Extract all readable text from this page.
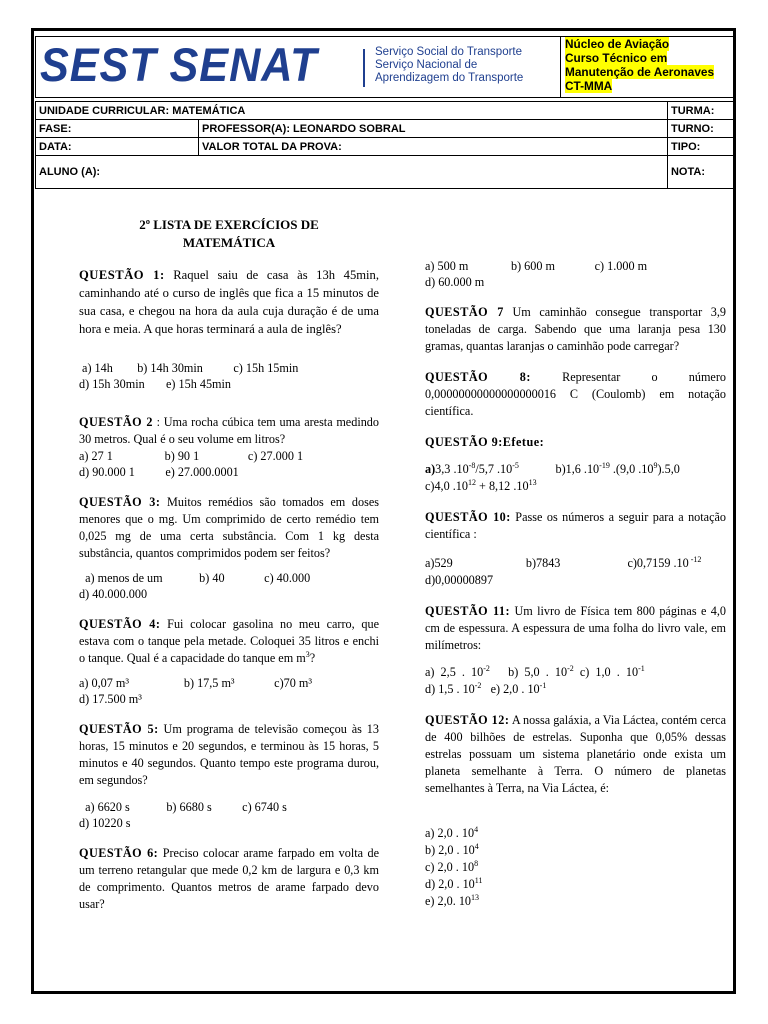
SEST SENAT	Serviço Social do Transporte
Serviço Nacional de
Aprendizagem do Transporte
Núcleo de Aviação
Curso Técnico em
Manutenção de Aeronaves
CT-MMA
UNIDADE CURRICULAR: MATEMÁTICA		TURMA:
FASE:	PROFESSOR(A): LEONARDO SOBRAL	TURNO:
DATA:	VALOR TOTAL DA PROVA:	TIPO:
ALUNO (A):		NOTA:

2º LISTA DE EXERCÍCIOS DE
MATEMÁTICA

QUESTÃO 1: Raquel saiu de casa às 13h 45min, caminhando até o curso de inglês que fica a 15 minutos de sua casa, e chegou na hora da aula cuja duração é de uma hora e meia. A que horas terminará a aula de inglês?

a) 14h        b) 14h 30min          c) 15h 15min
d) 15h 30min       e) 15h 45min

QUESTÃO 2 : Uma rocha cúbica tem uma aresta medindo 30 metros. Qual é o seu volume em litros?

a) 27 1                 b) 90 1                c) 27.000 1
d) 90.000 1          e) 27.000.0001

QUESTÃO 3: Muitos remédios são tomados em doses menores que o mg. Um comprimido de certo remédio tem 0,025 mg de uma certa substância. Com 1 kg desta substância, quantos comprimidos podem ser feitos?

a) menos de um            b) 40             c) 40.000
d) 40.000.000

QUESTÃO 4: Fui colocar gasolina no meu carro, que estava com o tanque pela metade. Coloquei 35 litros e enchi o tanque. Qual é a capacidade do tanque em $m^3$?

a) 0,07 m³                  b) 17,5 m³             c)70 m³
d) 17.500 m³

QUESTÃO 5: Um programa de televisão começou às 13 horas, 15 minutos e 20 segundos, e terminou às 15 horas, 5 minutos e 40 segundos. Quanto tempo este programa durou, em segundos?

a) 6620 s            b) 6680 s          c) 6740 s
d) 10220 s

QUESTÃO 6: Preciso colocar arame farpado em volta de um terreno retangular que mede 0,2 km de largura e 0,3 km de comprimento. Quantos metros de arame farpado devo usar?

a) 500 m              b) 600 m             c) 1.000 m
d) 60.000 m

QUESTÃO 7 Um caminhão consegue transportar 3,9 toneladas de carga. Sabendo que uma laranja pesa 130 gramas, quantas laranjas o caminhão pode carregar?

QUESTÃO 8: Representar o número 0,00000000000000000016 C (Coulomb) em notação científica.

QUESTÃO 9:Efetue:

a)3,3 $.10^{-8}/5,7$ $.10^{-5}$	b)1,6 $.10^{-19}$ .(9,0 $.10^9).5,0$
c)4,0 $.10^{12} + 8,12$ $.10^{13}$

QUESTÃO 10: Passe os números a seguir para a notação científica :

a)529	b)7843	c)0,7159 .10 $^{-12}$
d)0,00000897

QUESTÃO 11: Um livro de Física tem 800 páginas e 4,0 cm de espessura. A espessura de uma folha do livro vale, em milímetros:

a)  2,5  .  $10^{-2}$      b)  5,0  .  $10^{-2}$  c)  1,0  .  $10^{-1}$
d) 1,5 . $10^{-2}$   e) 2,0 . $10^{-1}$

QUESTÃO 12: A nossa galáxia, a Via Láctea, contém cerca de 400 bilhões de estrelas. Suponha que 0,05% dessas estrelas possuam um sistema planetário onde exista um planeta semelhante à Terra. O número de planetas semelhantes à Terra, na Via Láctea, é:

a) 2,0 . $10^4$
b) 2,0 . $10^4$
c) 2,0 . $10^8$
d) 2,0 . $10^{11}$
e) 2,0. $10^{13}$
